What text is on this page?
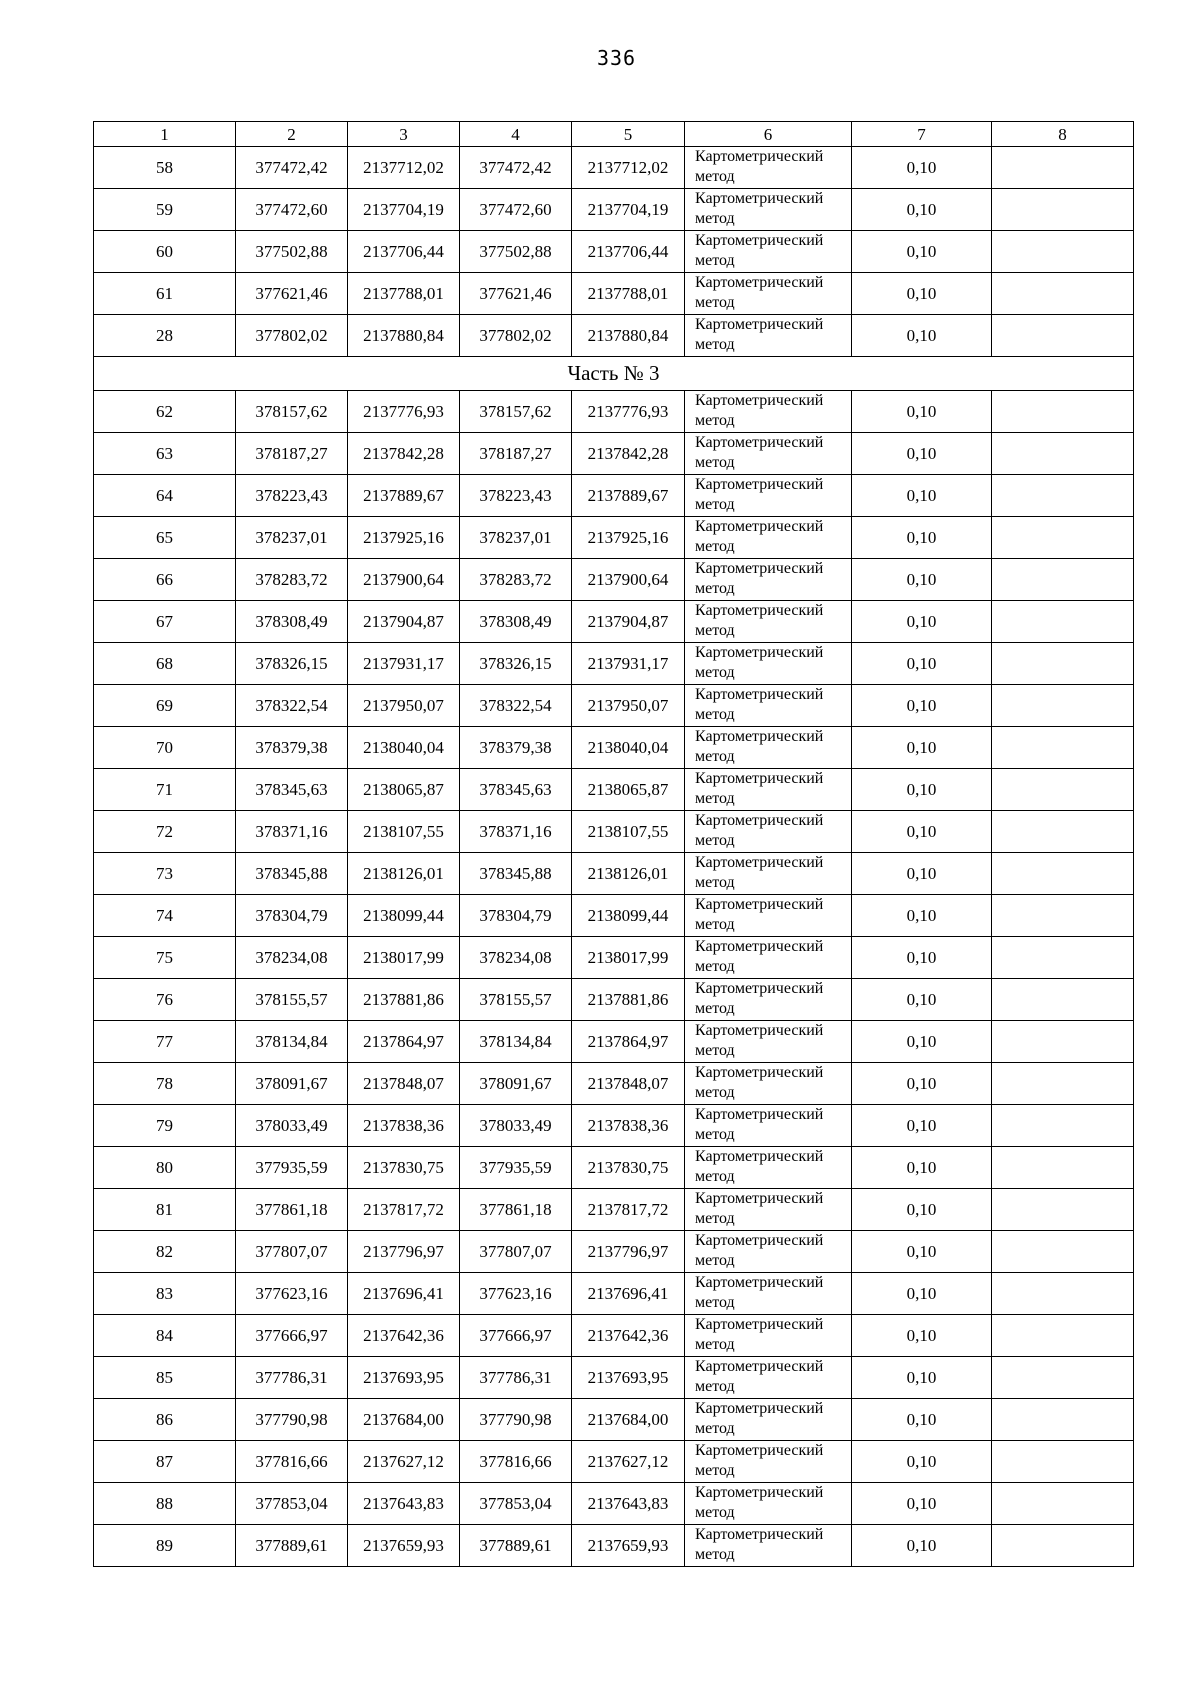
336
1	2	3	4	5	6	7	8
58	377472,42	2137712,02	377472,42	2137712,02	Картометрический метод	0,10	
59	377472,60	2137704,19	377472,60	2137704,19	Картометрический метод	0,10	
60	377502,88	2137706,44	377502,88	2137706,44	Картометрический метод	0,10	
61	377621,46	2137788,01	377621,46	2137788,01	Картометрический метод	0,10	
28	377802,02	2137880,84	377802,02	2137880,84	Картометрический метод	0,10	
Часть № 3							
62	378157,62	2137776,93	378157,62	2137776,93	Картометрический метод	0,10	
63	378187,27	2137842,28	378187,27	2137842,28	Картометрический метод	0,10	
64	378223,43	2137889,67	378223,43	2137889,67	Картометрический метод	0,10	
65	378237,01	2137925,16	378237,01	2137925,16	Картометрический метод	0,10	
66	378283,72	2137900,64	378283,72	2137900,64	Картометрический метод	0,10	
67	378308,49	2137904,87	378308,49	2137904,87	Картометрический метод	0,10	
68	378326,15	2137931,17	378326,15	2137931,17	Картометрический метод	0,10	
69	378322,54	2137950,07	378322,54	2137950,07	Картометрический метод	0,10	
70	378379,38	2138040,04	378379,38	2138040,04	Картометрический метод	0,10	
71	378345,63	2138065,87	378345,63	2138065,87	Картометрический метод	0,10	
72	378371,16	2138107,55	378371,16	2138107,55	Картометрический метод	0,10	
73	378345,88	2138126,01	378345,88	2138126,01	Картометрический метод	0,10	
74	378304,79	2138099,44	378304,79	2138099,44	Картометрический метод	0,10	
75	378234,08	2138017,99	378234,08	2138017,99	Картометрический метод	0,10	
76	378155,57	2137881,86	378155,57	2137881,86	Картометрический метод	0,10	
77	378134,84	2137864,97	378134,84	2137864,97	Картометрический метод	0,10	
78	378091,67	2137848,07	378091,67	2137848,07	Картометрический метод	0,10	
79	378033,49	2137838,36	378033,49	2137838,36	Картометрический метод	0,10	
80	377935,59	2137830,75	377935,59	2137830,75	Картометрический метод	0,10	
81	377861,18	2137817,72	377861,18	2137817,72	Картометрический метод	0,10	
82	377807,07	2137796,97	377807,07	2137796,97	Картометрический метод	0,10	
83	377623,16	2137696,41	377623,16	2137696,41	Картометрический метод	0,10	
84	377666,97	2137642,36	377666,97	2137642,36	Картометрический метод	0,10	
85	377786,31	2137693,95	377786,31	2137693,95	Картометрический метод	0,10	
86	377790,98	2137684,00	377790,98	2137684,00	Картометрический метод	0,10	
87	377816,66	2137627,12	377816,66	2137627,12	Картометрический метод	0,10	
88	377853,04	2137643,83	377853,04	2137643,83	Картометрический метод	0,10	
89	377889,61	2137659,93	377889,61	2137659,93	Картометрический метод	0,10	
